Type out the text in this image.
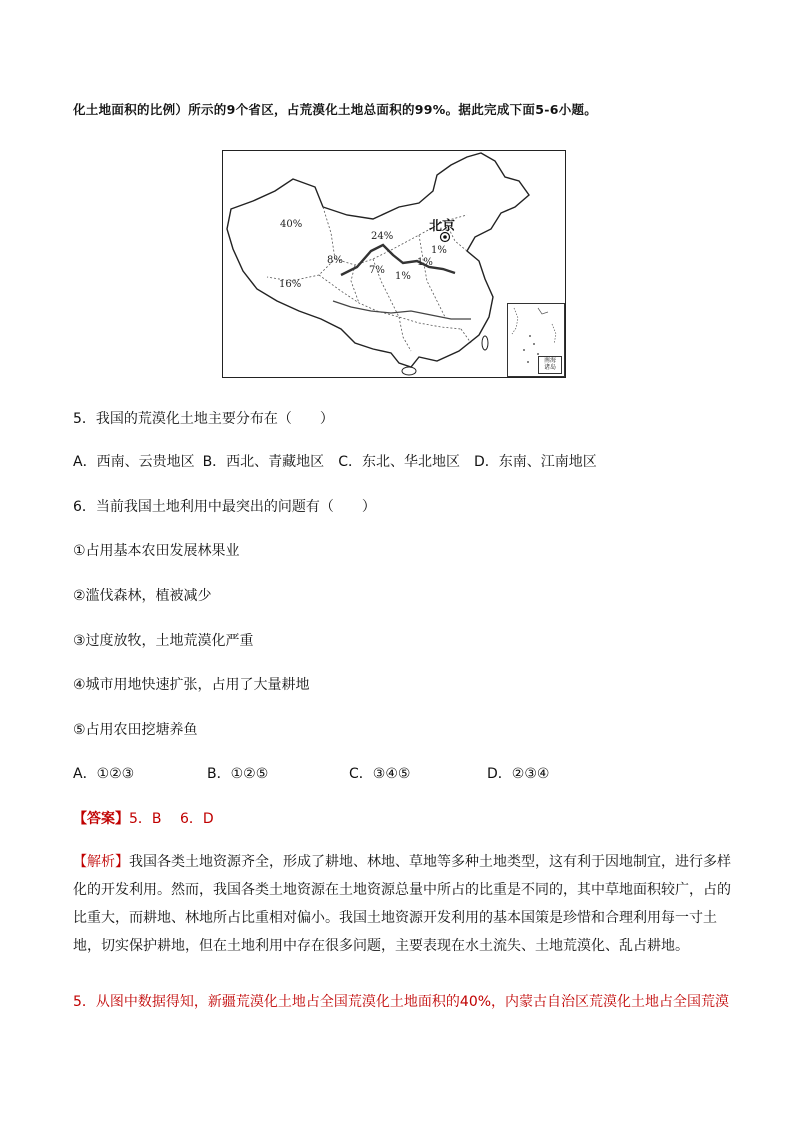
化土地面积的比例）所示的9个省区，占荒漠化土地总面积的99%。据此完成下面5-6小题。
北京
40%
24%
8%
7%
1%
1%
1%
16%
南海
诸岛
5．我国的荒漠化土地主要分布在（　　）
A．西南、云贵地区 B．西北、青藏地区 C．东北、华北地区 D．东南、江南地区
6．当前我国土地利用中最突出的问题有（　　）
①占用基本农田发展林果业
②滥伐森林，植被减少
③过度放牧，土地荒漠化严重
④城市用地快速扩张，占用了大量耕地
⑤占用农田挖塘养鱼
A．①②③	B．①②⑤	C．③④⑤	D．②③④
【答案】5．B　 6．D
【解析】我国各类土地资源齐全，形成了耕地、林地、草地等多种土地类型，这有利于因地制宜，进行多样化的开发利用。然而，我国各类土地资源在土地资源总量中所占的比重是不同的，其中草地面积较广，占的比重大，而耕地、林地所占比重相对偏小。我国土地资源开发利用的基本国策是珍惜和合理利用每一寸土地，切实保护耕地，但在土地利用中存在很多问题，主要表现在水土流失、土地荒漠化、乱占耕地。
5．从图中数据得知，新疆荒漠化土地占全国荒漠化土地面积的40%，内蒙古自治区荒漠化土地占全国荒漠
